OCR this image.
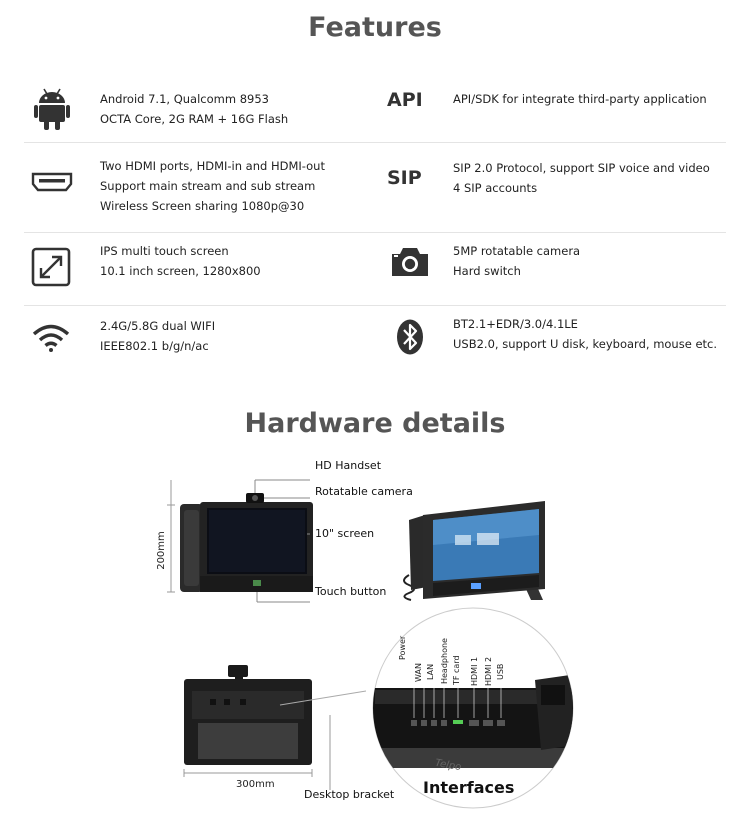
Features
Android 7.1, Qualcomm 8953
OCTA Core, 2G RAM + 16G Flash
API	API/SDK for integrate third-party application
Two HDMI ports, HDMI-in and HDMI-out
Support main stream and sub stream
Wireless Screen sharing 1080p@30
SIP	SIP 2.0 Protocol, support SIP voice and video
4 SIP accounts
IPS multi touch screen
10.1 inch screen, 1280x800
5MP rotatable camera
Hard switch
2.4G/5.8G dual WIFI
IEEE802.1 b/g/n/ac
BT2.1+EDR/3.0/4.1LE
USB2.0, support U disk, keyboard, mouse etc.
Hardware details
HD Handset
Rotatable camera
10" screen
Touch button
200mm
300mm
Desktop bracket
Power
WAN LAN Headphone TF card HDMI 1 HDMI 2 USB
Telpo
Interfaces
